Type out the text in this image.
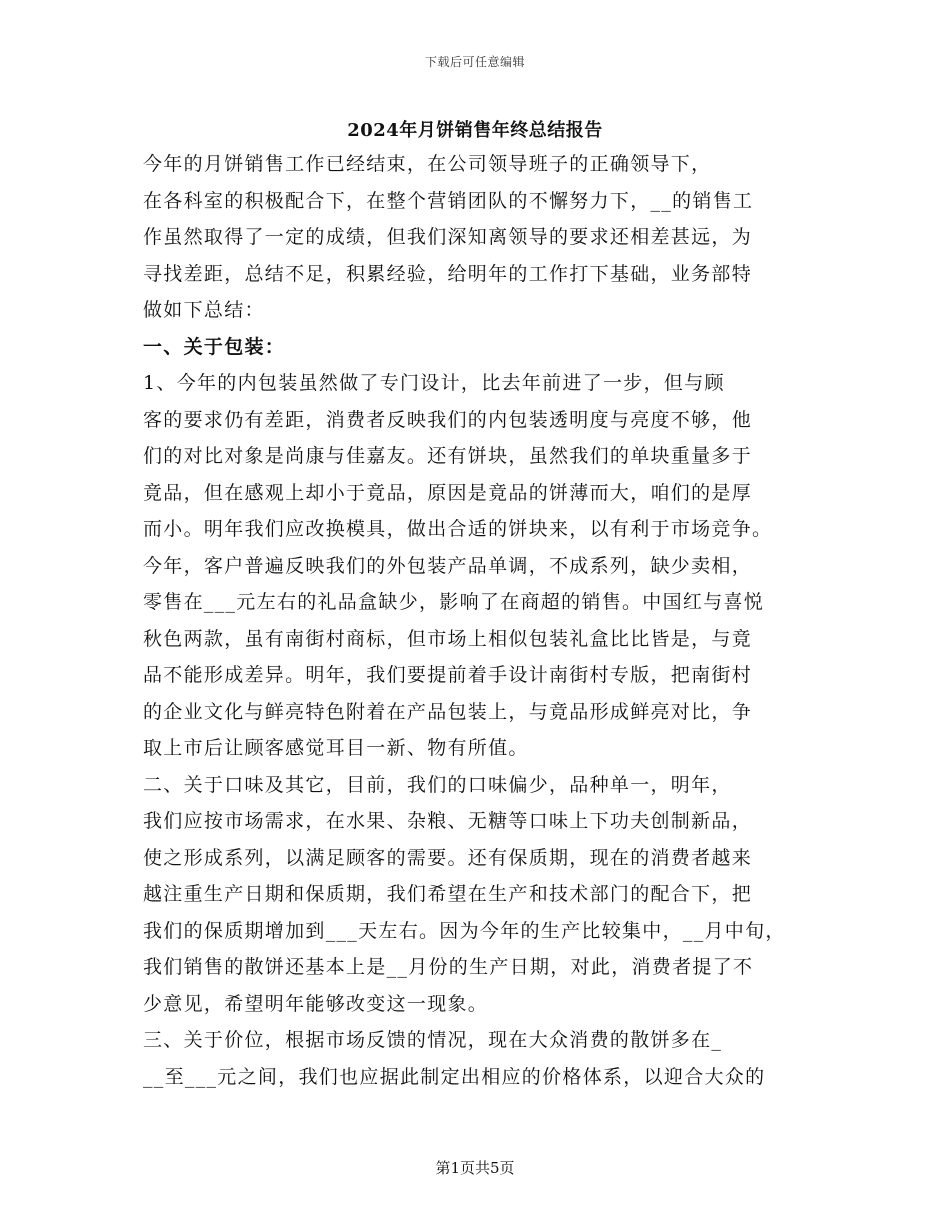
下载后可任意编辑
2024年月饼销售年终总结报告
今年的月饼销售工作已经结束，在公司领导班子的正确领导下，
在各科室的积极配合下，在整个营销团队的不懈努力下，__的销售工
作虽然取得了一定的成绩，但我们深知离领导的要求还相差甚远，为
寻找差距，总结不足，积累经验，给明年的工作打下基础，业务部特
做如下总结：
一、关于包装：
1、今年的内包装虽然做了专门设计，比去年前进了一步，但与顾
客的要求仍有差距，消费者反映我们的内包装透明度与亮度不够，他
们的对比对象是尚康与佳嘉友。还有饼块，虽然我们的单块重量多于
竟品，但在感观上却小于竟品，原因是竟品的饼薄而大，咱们的是厚
而小。明年我们应改换模具，做出合适的饼块来，以有利于市场竞争。
今年，客户普遍反映我们的外包装产品单调，不成系列，缺少卖相，
零售在___元左右的礼品盒缺少，影响了在商超的销售。中国红与喜悦
秋色两款，虽有南街村商标，但市场上相似包装礼盒比比皆是，与竟
品不能形成差异。明年，我们要提前着手设计南街村专版，把南街村
的企业文化与鲜亮特色附着在产品包装上，与竟品形成鲜亮对比，争
取上市后让顾客感觉耳目一新、物有所值。
二、关于口味及其它，目前，我们的口味偏少，品种单一，明年，
我们应按市场需求，在水果、杂粮、无糖等口味上下功夫创制新品，
使之形成系列，以满足顾客的需要。还有保质期，现在的消费者越来
越注重生产日期和保质期，我们希望在生产和技术部门的配合下，把
我们的保质期增加到___天左右。因为今年的生产比较集中，__月中旬，
我们销售的散饼还基本上是__月份的生产日期，对此，消费者提了不
少意见，希望明年能够改变这一现象。
三、关于价位，根据市场反馈的情况，现在大众消费的散饼多在_
__至___元之间，我们也应据此制定出相应的价格体系，以迎合大众的
第1页共5页
